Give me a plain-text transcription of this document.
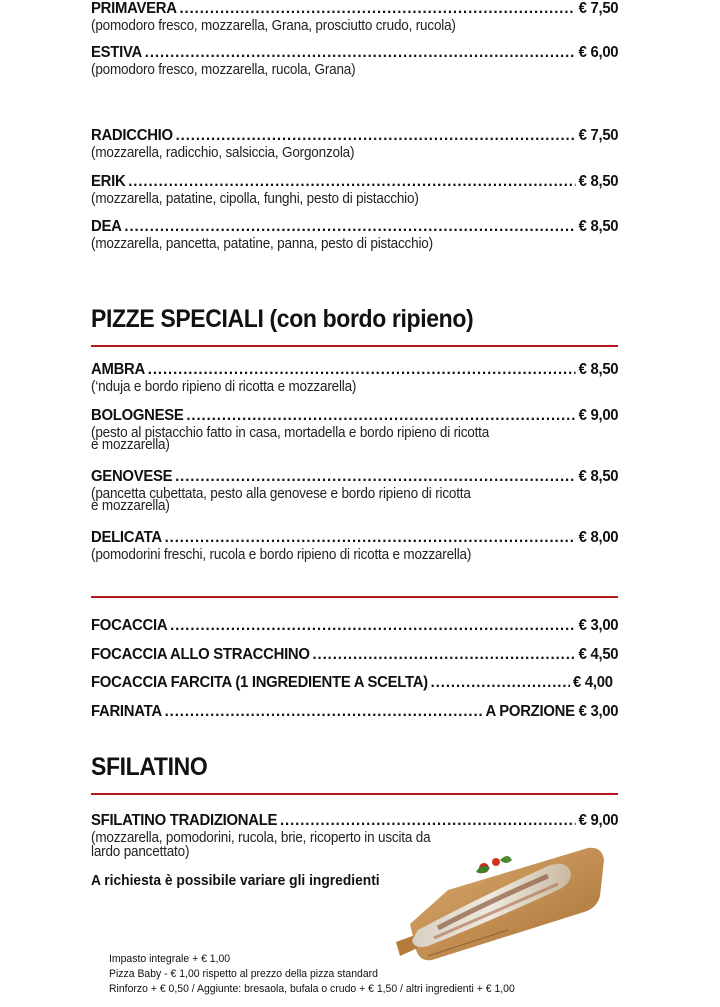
PRIMAVERA .....	€ 7,50
(pomodoro fresco, mozzarella, Grana, prosciutto crudo, rucola)
ESTIVA .....	€ 6,00
(pomodoro fresco, mozzarella, rucola, Grana)
RADICCHIO .....	€ 7,50
(mozzarella, radicchio, salsiccia, Gorgonzola)
ERIK .....	€ 8,50
(mozzarella, patatine, cipolla, funghi, pesto di pistacchio)
DEA .....	€ 8,50
(mozzarella, pancetta, patatine, panna, pesto di pistacchio)
PIZZE SPECIALI (con bordo ripieno)
AMBRA .....	€ 8,50
(‘nduja e bordo ripieno di ricotta e mozzarella)
BOLOGNESE .....	€ 9,00
(pesto al pistacchio fatto in casa, mortadella e bordo ripieno di ricotta
e mozzarella)
GENOVESE .....	€ 8,50
(pancetta cubettata, pesto alla genovese e bordo ripieno di ricotta
e mozzarella)
DELICATA .....	€ 8,00
(pomodorini freschi, rucola e bordo ripieno di ricotta e mozzarella)
FOCACCIA .....	€ 3,00
FOCACCIA ALLO STRACCHINO .....	€ 4,50
FOCACCIA FARCITA (1 INGREDIENTE A SCELTA) .....	€ 4,00
FARINATA .....	A PORZIONE € 3,00
SFILATINO
SFILATINO TRADIZIONALE .....	€ 9,00
(mozzarella, pomodorini, rucola, brie, ricoperto in uscita da
lardo pancettato)
A richiesta è possibile variare gli ingredienti
Impasto integrale + € 1,00
Pizza Baby - € 1,00 rispetto al prezzo della pizza standard
Rinforzo + € 0,50 / Aggiunte: bresaola, bufala o crudo + € 1,50 / altri ingredienti + € 1,00
